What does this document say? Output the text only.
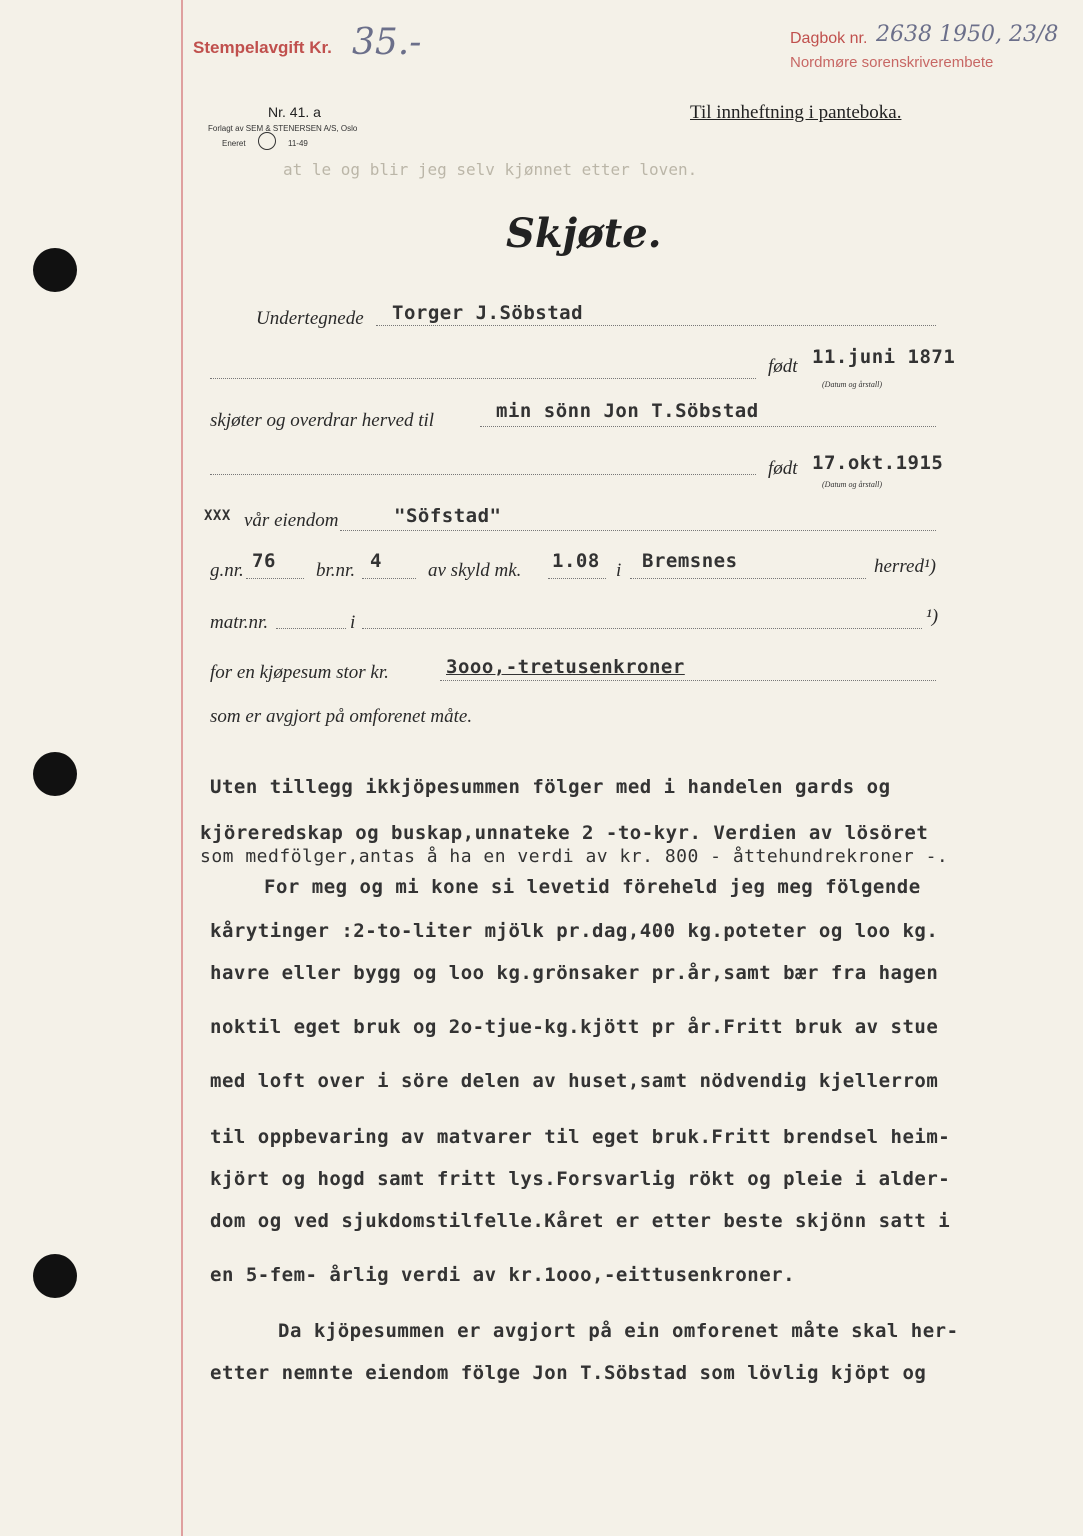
Stempelavgift Kr. 35.-	Dagbok nr. 2638 1950, 23/8
Nordmøre sorenskriverembete
Nr. 41. a
Forlagt av SEM & STENERSEN A/S, Oslo
Eneret	11-49
Til innheftning i panteboka.
at le og blir jeg selv kjønnet etter loven.
Skjøte.
Undertegnede Torger J.Söbstad
født 11.juni 1871
(Datum og årstall)
skjøter og overdrar herved til	min sönn Jon T.Söbstad
født 17.okt.1915
(Datum og årstall)
XXX vår eiendom	"Söfstad"
g.nr. 76 br.nr. 4 av skyld mk. 1.08 i Bremsnes	herred¹)
matr.nr.	i	¹)
for en kjøpesum stor kr.	3ooo,-tretusenkroner
som er avgjort på omforenet måte.
Uten tillegg ikkjöpesummen fölger med i handelen gards og
kjöreredskap og buskap,unnateke 2 -to-kyr. Verdien av lösöret
som medfölger,antas å ha en verdi av kr. 800 - åttehundrekroner -.
For meg og mi kone si levetid föreheld jeg meg fölgende
kårytinger :2-to-liter mjölk pr.dag,400 kg.poteter og loo kg.
havre eller bygg og loo kg.grönsaker pr.år,samt bær fra hagen
noktil eget bruk og 2o-tjue-kg.kjött pr år.Fritt bruk av stue
med loft over i söre delen av huset,samt nödvendig kjellerrom
til oppbevaring av matvarer til eget bruk.Fritt brendsel heim-
kjört og hogd samt fritt lys.Forsvarlig rökt og pleie i alder-
dom og ved sjukdomstilfelle.Kåret er etter beste skjönn satt i
en 5-fem- årlig verdi av kr.1ooo,-eittusenkroner.
Da kjöpesummen er avgjort på ein omforenet måte skal her-
etter nemnte eiendom fölge Jon T.Söbstad som lövlig kjöpt og
